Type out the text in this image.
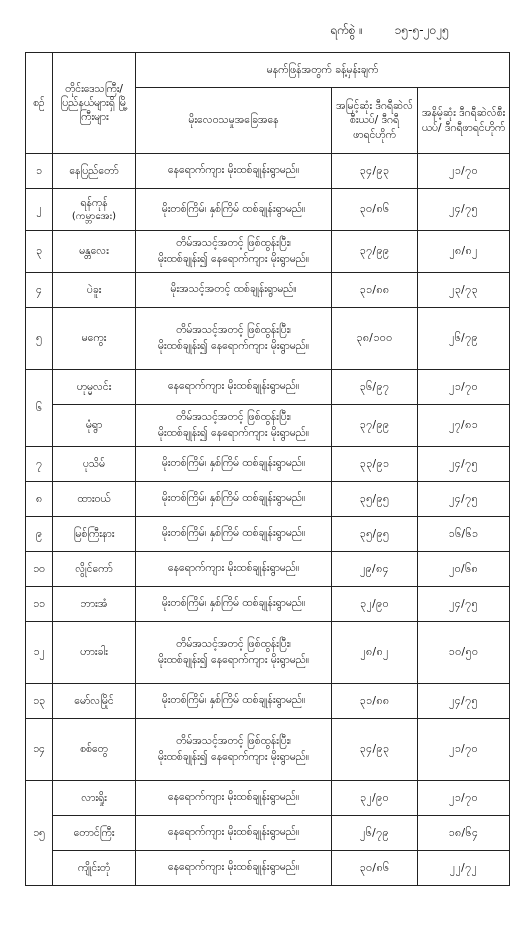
ရက်စွဲ ။	၁၅-၅-၂၀၂၅
စဉ်	တိုင်းဒေသကြီး/ ပြည်နယ်များရှိ မြို့ကြီးများ	မနက်ဖြန်အတွက် ခန့်မှန်းချက်		
		မိုးလေဝသမှုအခြေအနေ	အမြင့်ဆုံး ဒီဂရီဆဲလ်စီးယပ်/ ဒီဂရီဖာရင်ဟိုက်	အနိမ့်ဆုံး ဒီဂရီဆဲလ်စီးယပ်/ ဒီဂရီဖာရင်ဟိုက်
၁	နေပြည်တော်	နေရောက်ကျား မိုးထစ်ချုန်းရွာမည်။	၃၄/၉၃	၂၁/၇၀
၂	ရန်ကုန်
(ကမ္ဘာအေး)	မိုးတစ်ကြိမ်၊ နှစ်ကြိမ် ထစ်ချုန်းရွာမည်။	၃၀/၈၆	၂၄/၇၅
၃	မန္တလေး	တိမ်အသင့်အတင့် ဖြစ်ထွန်းပြီး၊
မိုးထစ်ချုန်း၍ နေရောက်ကျား မိုးရွာမည်။	၃၇/၉၉	၂၈/၈၂
၄	ပဲခူး	မိုးအသင့်အတင့် ထစ်ချုန်းရွာမည်။	၃၁/၈၈	၂၃/၇၃
၅	မကွေး	တိမ်အသင့်အတင့် ဖြစ်ထွန်းပြီး၊
မိုးထစ်ချုန်း၍ နေရောက်ကျား မိုးရွာမည်။	၃၈/၁၀၀	၂၆/၇၉
၆	ဟုမ္မလင်း	နေရောက်ကျား မိုးထစ်ချုန်းရွာမည်။	၃၆/၉၇	၂၁/၇၀
	မုံရွာ	တိမ်အသင့်အတင့် ဖြစ်ထွန်းပြီး၊
မိုးထစ်ချုန်း၍ နေရောက်ကျား မိုးရွာမည်။	၃၇/၉၉	၂၇/၈၁
၇	ပုသိမ်	မိုးတစ်ကြိမ်၊ နှစ်ကြိမ် ထစ်ချုန်းရွာမည်။	၃၃/၉၁	၂၄/၇၅
၈	ထားဝယ်	မိုးတစ်ကြိမ်၊ နှစ်ကြိမ် ထစ်ချုန်းရွာမည်။	၃၅/၉၅	၂၄/၇၅
၉	မြစ်ကြီးနား	မိုးတစ်ကြိမ်၊ နှစ်ကြိမ် ထစ်ချုန်းရွာမည်။	၃၅/၉၅	၁၆/၆၁
၁၀	လွိုင်ကော်	နေရောက်ကျား မိုးထစ်ချုန်းရွာမည်။	၂၉/၈၄	၂၀/၆၈
၁၁	ဘားအံ	မိုးတစ်ကြိမ်၊ နှစ်ကြိမ် ထစ်ချုန်းရွာမည်။	၃၂/၉၀	၂၄/၇၅
၁၂	ဟားခါး	တိမ်အသင့်အတင့် ဖြစ်ထွန်းပြီး၊
မိုးထစ်ချုန်း၍ နေရောက်ကျား မိုးရွာမည်။	၂၈/၈၂	၁၀/၅၀
၁၃	မော်လမြိုင်	မိုးတစ်ကြိမ်၊ နှစ်ကြိမ် ထစ်ချုန်းရွာမည်။	၃၁/၈၈	၂၄/၇၅
၁၄	စစ်တွေ	တိမ်အသင့်အတင့် ဖြစ်ထွန်းပြီး၊
မိုးထစ်ချုန်း၍ နေရောက်ကျား မိုးရွာမည်။	၃၄/၉၃	၂၁/၇၀
၁၅	လားရှိုး	နေရောက်ကျား မိုးထစ်ချုန်းရွာမည်။	၃၂/၉၀	၂၁/၇၀
	တောင်ကြီး	နေရောက်ကျား မိုးထစ်ချုန်းရွာမည်။	၂၆/၇၉	၁၈/၆၄
	ကျိုင်းတုံ	နေရောက်ကျား မိုးထစ်ချုန်းရွာမည်။	၃၀/၈၆	၂၂/၇၂
